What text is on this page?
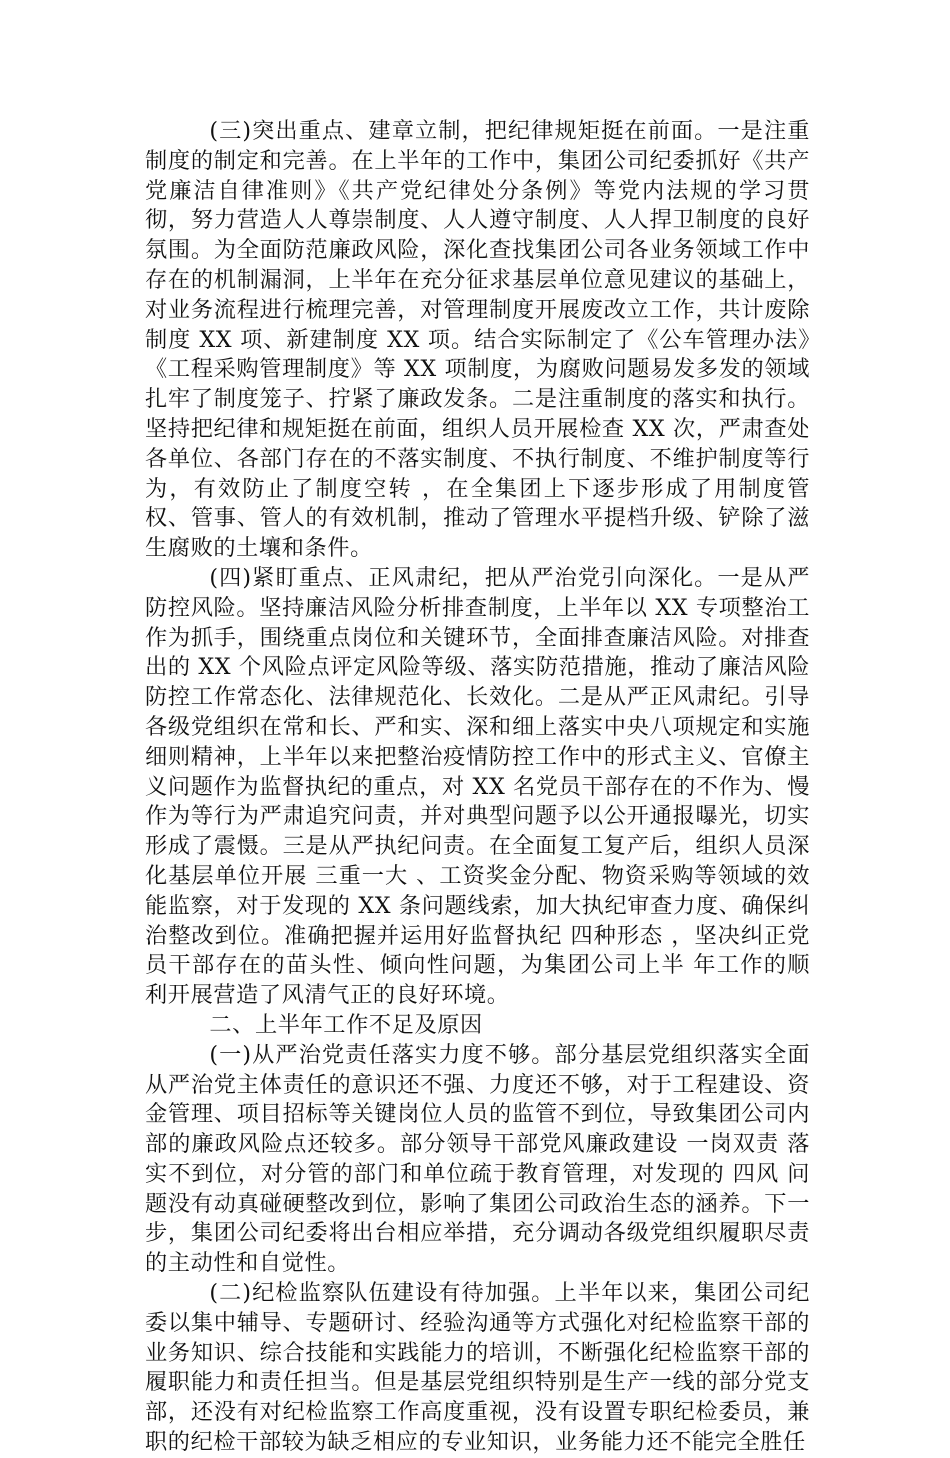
(三)突出重点、建章立制，把纪律规矩挺在前面。一是注重制度的制定和完善。在上半年的工作中，集团公司纪委抓好《共产党廉洁自律准则》《共产党纪律处分条例》等党内法规的学习贯彻，努力营造人人尊崇制度、人人遵守制度、人人捍卫制度的良好氛围。为全面防范廉政风险，深化查找集团公司各业务领域工作中存在的机制漏洞，上半年在充分征求基层单位意见建议的基础上，对业务流程进行梳理完善，对管理制度开展废改立工作，共计废除制度 XX 项、新建制度 XX 项。结合实际制定了《公车管理办法》《工程采购管理制度》等 XX 项制度，为腐败问题易发多发的领域扎牢了制度笼子、拧紧了廉政发条。二是注重制度的落实和执行。坚持把纪律和规矩挺在前面，组织人员开展检查 XX 次，严肃查处各单位、各部门存在的不落实制度、不执行制度、不维护制度等行为，有效防止了制度空转 ，在全集团上下逐步形成了用制度管权、管事、管人的有效机制，推动了管理水平提档升级、铲除了滋生腐败的土壤和条件。

(四)紧盯重点、正风肃纪，把从严治党引向深化。一是从严防控风险。坚持廉洁风险分析排查制度，上半年以 XX 专项整治工作为抓手，围绕重点岗位和关键环节，全面排查廉洁风险。对排查出的 XX 个风险点评定风险等级、落实防范措施，推动了廉洁风险防控工作常态化、法律规范化、长效化。二是从严正风肃纪。引导各级党组织在常和长、严和实、深和细上落实中央八项规定和实施细则精神，上半年以来把整治疫情防控工作中的形式主义、官僚主义问题作为监督执纪的重点，对 XX 名党员干部存在的不作为、慢作为等行为严肃追究问责，并对典型问题予以公开通报曝光，切实形成了震慑。三是从严执纪问责。在全面复工复产后，组织人员深化基层单位开展 三重一大 、工资奖金分配、物资采购等领域的效能监察，对于发现的 XX 条问题线索，加大执纪审查力度、确保纠治整改到位。准确把握并运用好监督执纪 四种形态 ，坚决纠正党员干部存在的苗头性、倾向性问题，为集团公司上半 年工作的顺利开展营造了风清气正的良好环境。

二、上半年工作不足及原因

(一)从严治党责任落实力度不够。部分基层党组织落实全面从严治党主体责任的意识还不强、力度还不够，对于工程建设、资金管理、项目招标等关键岗位人员的监管不到位，导致集团公司内部的廉政风险点还较多。部分领导干部党风廉政建设 一岗双责 落实不到位，对分管的部门和单位疏于教育管理，对发现的 四风 问题没有动真碰硬整改到位，影响了集团公司政治生态的涵养。下一步，集团公司纪委将出台相应举措，充分调动各级党组织履职尽责的主动性和自觉性。

(二)纪检监察队伍建设有待加强。上半年以来，集团公司纪委以集中辅导、专题研讨、经验沟通等方式强化对纪检监察干部的业务知识、综合技能和实践能力的培训，不断强化纪检监察干部的履职能力和责任担当。但是基层党组织特别是生产一线的部分党支部，还没有对纪检监察工作高度重视，没有设置专职纪检委员，兼职的纪检干部较为缺乏相应的专业知识，业务能力还不能完全胜任
